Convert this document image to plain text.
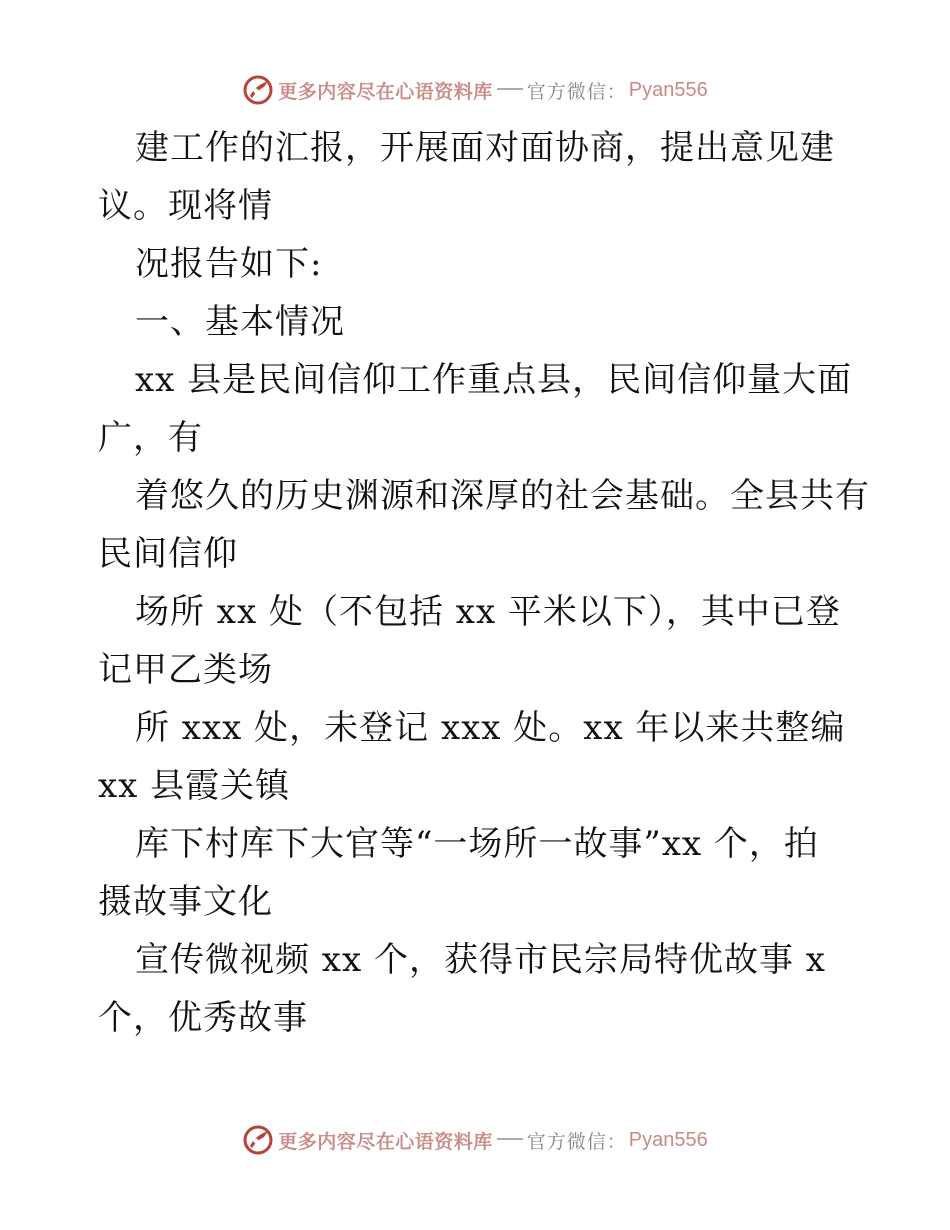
更多内容尽在心语资料库 官方微信： Pyan556
建工作的汇报，开展面对面协商，提出意见建
议。现将情
况报告如下:
一、基本情况
xx 县是民间信仰工作重点县，民间信仰量大面
广，有
着悠久的历史渊源和深厚的社会基础。全县共有
民间信仰
场所 xx 处（不包括 xx 平米以下），其中已登
记甲乙类场
所 xxx 处，未登记 xxx 处。xx 年以来共整编
xx 县霞关镇
库下村库下大官等“一场所一故事”xx 个，拍
摄故事文化
宣传微视频 xx 个，获得市民宗局特优故事 x
个，优秀故事
更多内容尽在心语资料库 官方微信： Pyan556
